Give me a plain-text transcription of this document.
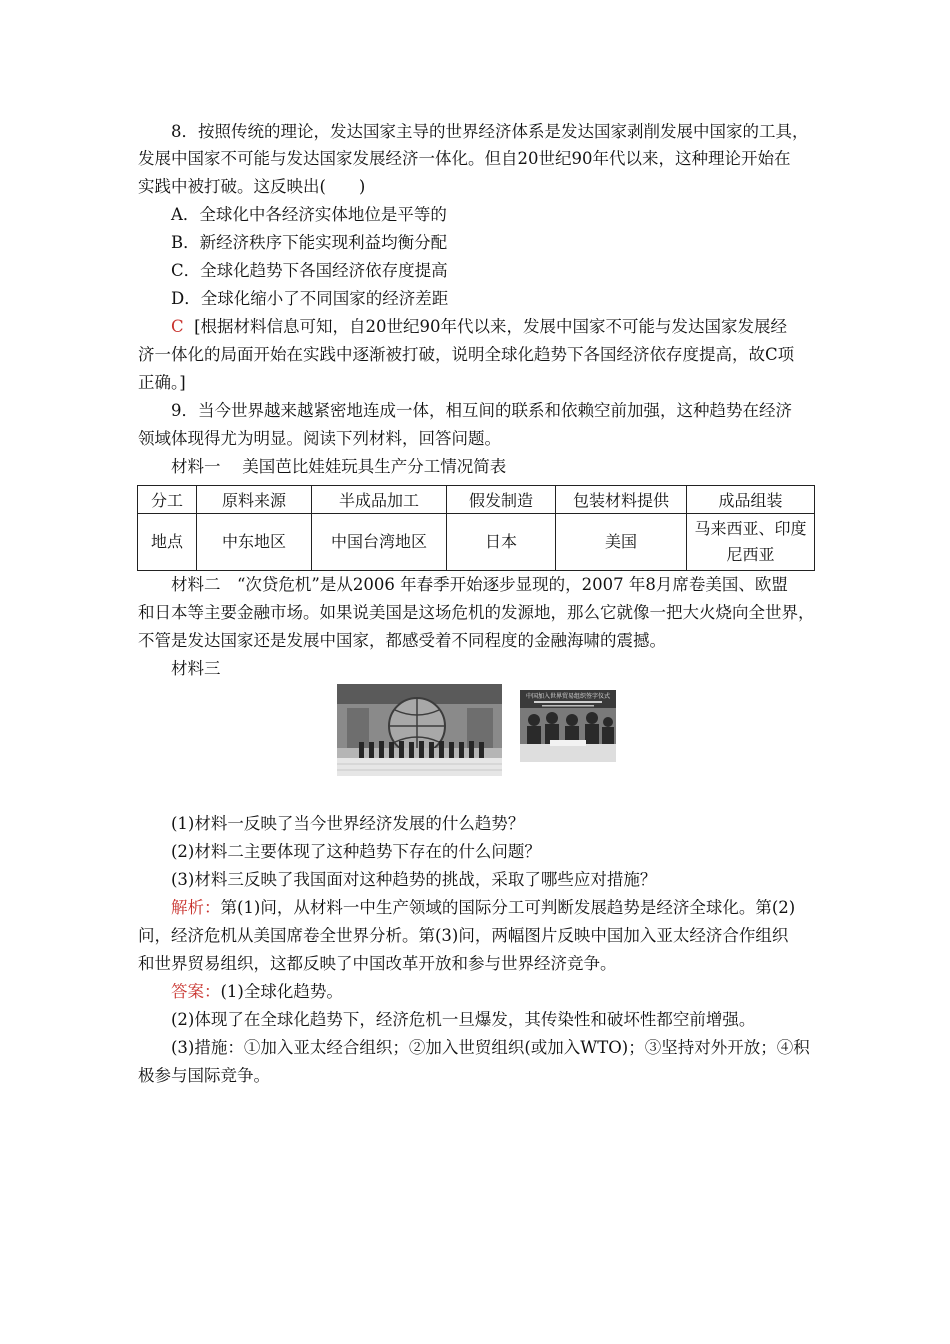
8．按照传统的理论，发达国家主导的世界经济体系是发达国家剥削发展中国家的工具，
发展中国家不可能与发达国家发展经济一体化。但自20世纪90年代以来，这种理论开始在
实践中被打破。这反映出(　　)
A．全球化中各经济实体地位是平等的
B．新经济秩序下能实现利益均衡分配
C．全球化趋势下各国经济依存度提高
D．全球化缩小了不同国家的经济差距
C [根据材料信息可知，自20世纪90年代以来，发展中国家不可能与发达国家发展经
济一体化的局面开始在实践中逐渐被打破，说明全球化趋势下各国经济依存度提高，故C项
正确。]
9．当今世界越来越紧密地连成一体，相互间的联系和依赖空前加强，这种趋势在经济
领域体现得尤为明显。阅读下列材料，回答问题。
材料一　 美国芭比娃娃玩具生产分工情况简表
分工	原料来源	半成品加工	假发制造	包装材料提供	成品组装
地点	中东地区	中国台湾地区	日本	美国	马来西亚、印度尼西亚
材料二　“次贷危机”是从2006 年春季开始逐步显现的，2007 年8月席卷美国、欧盟
和日本等主要金融市场。如果说美国是这场危机的发源地，那么它就像一把大火烧向全世界，
不管是发达国家还是发展中国家，都感受着不同程度的金融海啸的震撼。
材料三
中国加入世界贸易组织签字仪式
(1)材料一反映了当今世界经济发展的什么趋势？
(2)材料二主要体现了这种趋势下存在的什么问题？
(3)材料三反映了我国面对这种趋势的挑战，采取了哪些应对措施？
解析：第(1)问，从材料一中生产领域的国际分工可判断发展趋势是经济全球化。第(2)
问，经济危机从美国席卷全世界分析。第(3)问，两幅图片反映中国加入亚太经济合作组织
和世界贸易组织，这都反映了中国改革开放和参与世界经济竞争。
答案：(1)全球化趋势。
(2)体现了在全球化趋势下，经济危机一旦爆发，其传染性和破坏性都空前增强。
(3)措施：①加入亚太经合组织；②加入世贸组织(或加入WTO)；③坚持对外开放；④积
极参与国际竞争。
